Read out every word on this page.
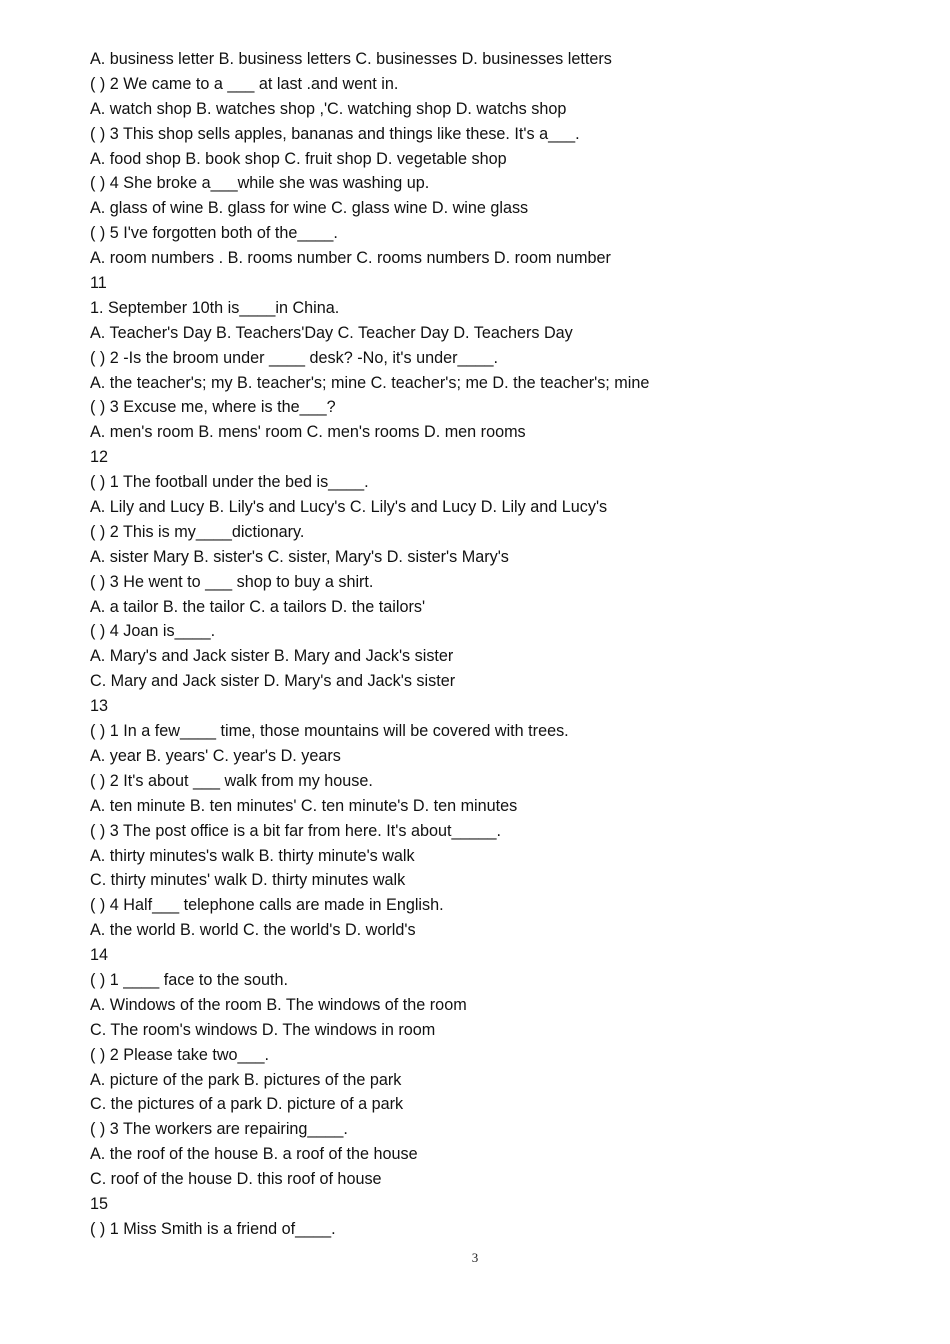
A. business letter B. business letters C. businesses D. businesses letters
( ) 2 We came to a ___ at last .and went in.
A. watch shop B. watches shop ,'C. watching shop D. watchs shop
( ) 3 This shop sells apples, bananas and things like these. It's a___.
A. food shop B. book shop C. fruit shop D. vegetable shop
( ) 4 She broke a___while she was washing up.
A. glass of wine B. glass for wine C. glass wine D. wine glass
( ) 5 I've forgotten both of the____.
A. room numbers . B. rooms number C. rooms numbers D. room number
11
1. September 10th is____in China.
A. Teacher's Day B. Teachers'Day C. Teacher Day D. Teachers Day
( ) 2 -Is the broom under ____ desk? -No, it's under____.
A. the teacher's; my B. teacher's; mine C. teacher's; me D. the teacher's; mine
( ) 3 Excuse me, where is the___?
A. men's room B. mens' room C. men's rooms D. men rooms
12
( ) 1 The football under the bed is____.
A. Lily and Lucy B. Lily's and Lucy's C. Lily's and Lucy D. Lily and Lucy's
( ) 2 This is my____dictionary.
A. sister Mary B. sister's C. sister, Mary's D. sister's Mary's
( ) 3 He went to ___ shop to buy a shirt.
A. a tailor B. the tailor C. a tailors D. the tailors'
( ) 4 Joan is____.
A. Mary's and Jack sister B. Mary and Jack's sister
C. Mary and Jack sister D. Mary's and Jack's sister
13
( ) 1 In a few____ time, those mountains will be covered with trees.
A. year B. years' C. year's D. years
( ) 2 It's about ___ walk from my house.
A. ten minute B. ten minutes' C. ten minute's D. ten minutes
( ) 3 The post office is a bit far from here. It's about_____.
A. thirty minutes's walk B. thirty minute's walk
C. thirty minutes' walk D. thirty minutes walk
( ) 4 Half___ telephone calls are made in English.
A. the world B. world C. the world's D. world's
14
( ) 1 ____ face to the south.
A. Windows of the room B. The windows of the room
C. The room's windows D. The windows in room
( ) 2 Please take two___.
A. picture of the park B. pictures of the park
C. the pictures of a park D. picture of a park
( ) 3 The workers are repairing____.
A. the roof of the house B. a roof of the house
C. roof of the house D. this roof of house
15
( ) 1 Miss Smith is a friend of____.
3
